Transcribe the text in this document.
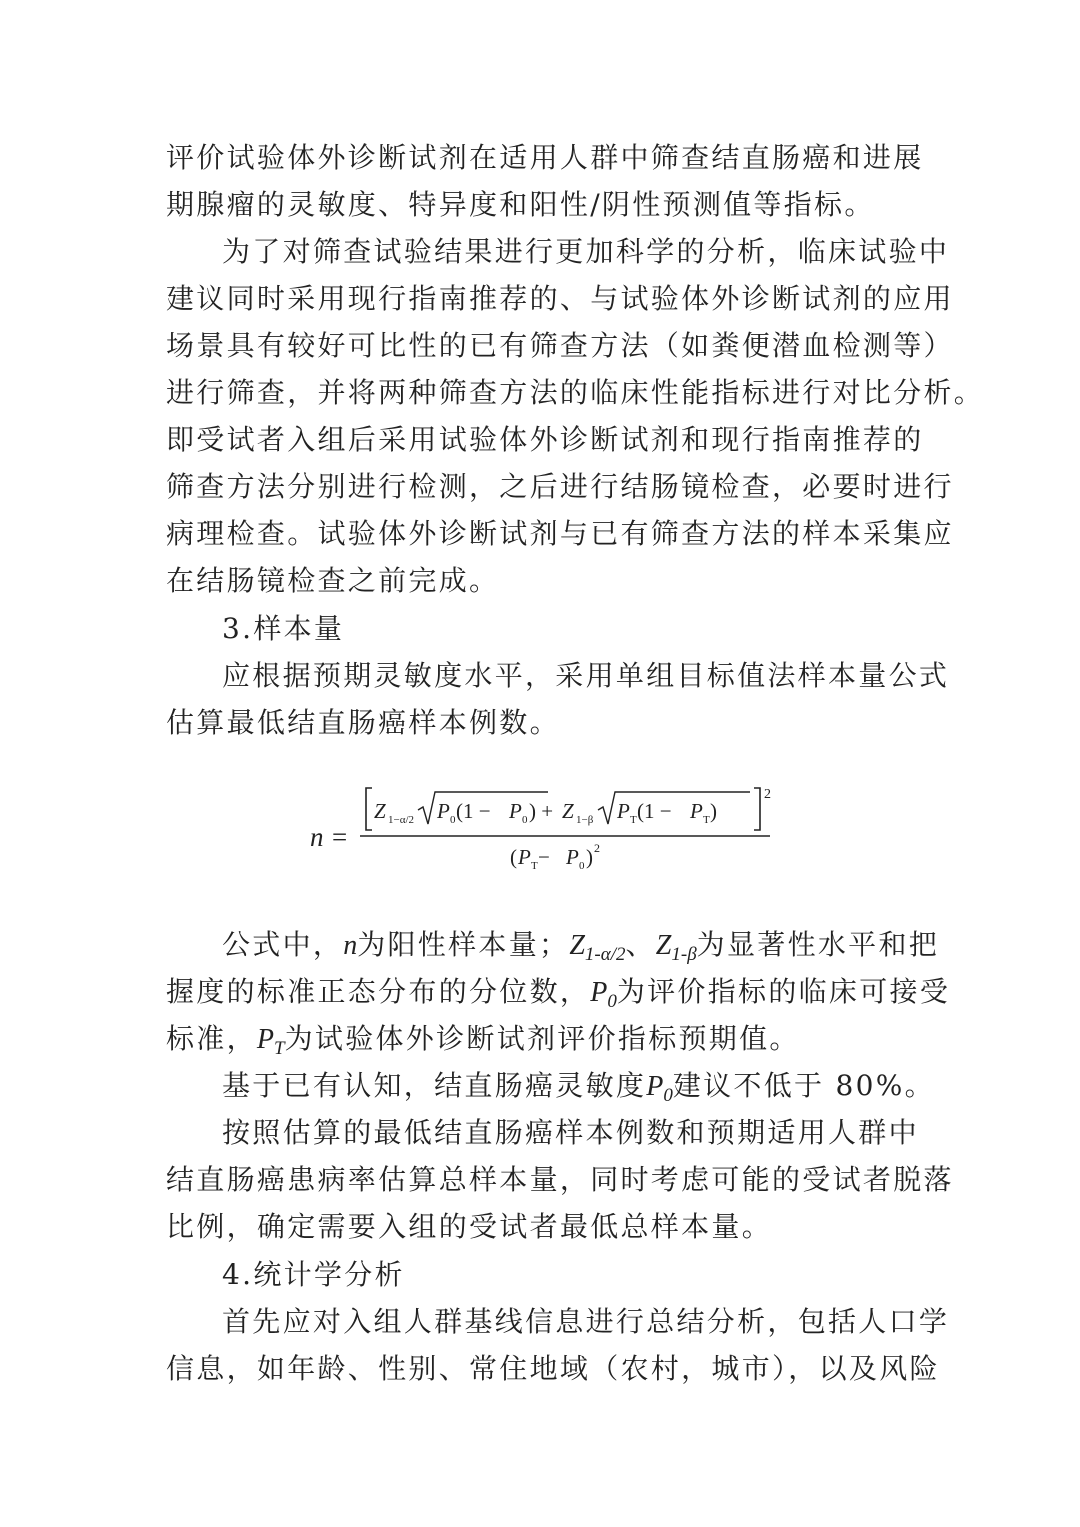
评价试验体外诊断试剂在适用人群中筛查结直肠癌和进展
期腺瘤的灵敏度、特异度和阳性/阴性预测值等指标。
为了对筛查试验结果进行更加科学的分析，临床试验中
建议同时采用现行指南推荐的、与试验体外诊断试剂的应用
场景具有较好可比性的已有筛查方法（如粪便潜血检测等）
进行筛查，并将两种筛查方法的临床性能指标进行对比分析。
即受试者入组后采用试验体外诊断试剂和现行指南推荐的
筛查方法分别进行检测，之后进行结肠镜检查，必要时进行
病理检查。试验体外诊断试剂与已有筛查方法的样本采集应
在结肠镜检查之前完成。
3.样本量
应根据预期灵敏度水平，采用单组目标值法样本量公式
估算最低结直肠癌样本例数。
n =
2
Z 1−α/2 P 0 (1 − P 0 ) + Z 1−β P T (1 − P T )
( P T − P 0 ) 2
公式中，n为阳性样本量；$Z_{1-\alpha/2}$、$Z_{1-\beta}$为显著性水平和把
握度的标准正态分布的分位数，$P_0$为评价指标的临床可接受
标准，$P_T$为试验体外诊断试剂评价指标预期值。
基于已有认知，结直肠癌灵敏度$P_0$建议不低于 80%。
按照估算的最低结直肠癌样本例数和预期适用人群中
结直肠癌患病率估算总样本量，同时考虑可能的受试者脱落
比例，确定需要入组的受试者最低总样本量。
4.统计学分析
首先应对入组人群基线信息进行总结分析，包括人口学
信息，如年龄、性别、常住地域（农村，城市），以及风险
